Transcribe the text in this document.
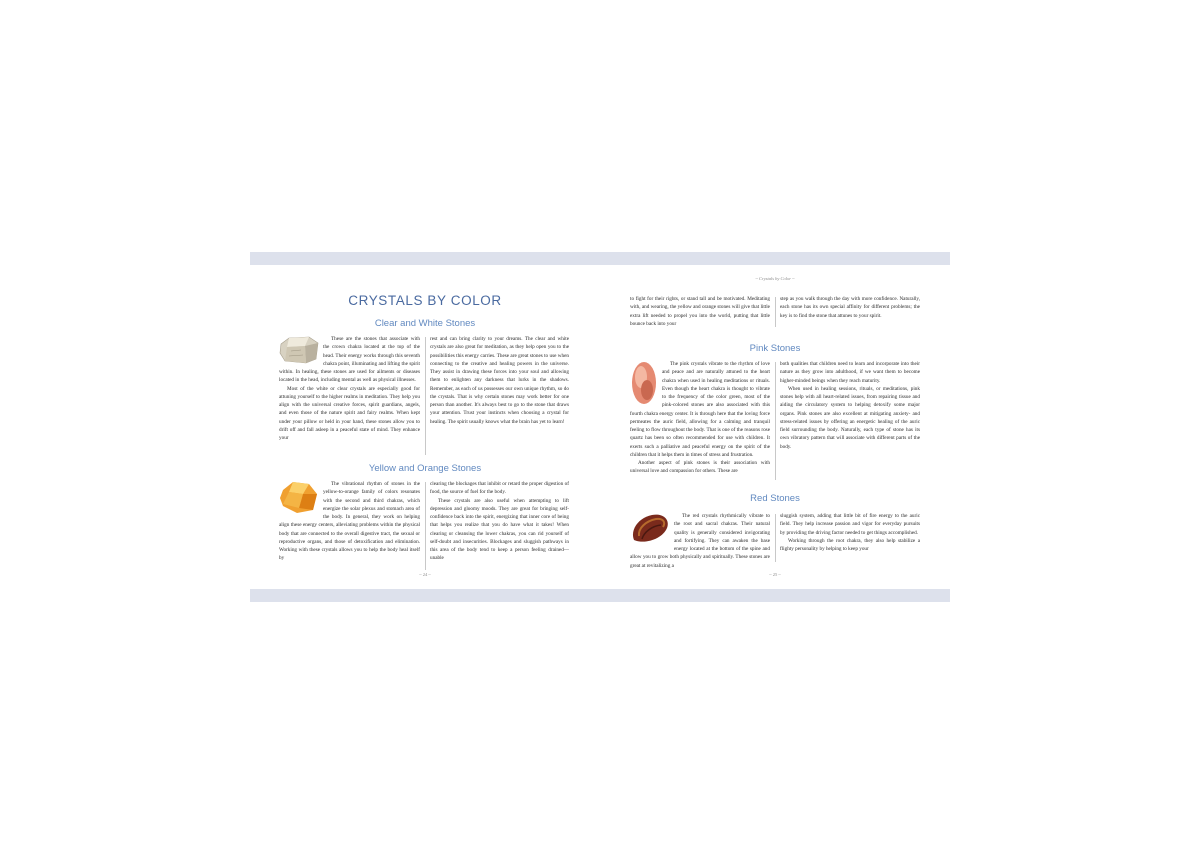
CRYSTALS BY COLOR
Clear and White Stones

These are the stones that associate with the crown chakra located at the top of the head. Their energy works through this seventh chakra point, illuminating and lifting the spirit within. In healing, these stones are used for ailments or diseases located in the head, including mental as well as physical illnesses.

Most of the white or clear crystals are especially good for attuning yourself to the higher realms in meditation. They help you align with the universal creative forces, spirit guardians, angels, and even those of the nature spirit and fairy realms. When kept under your pillow or held in your hand, these stones allow you to drift off and fall asleep in a peaceful state of mind. They enhance your

rest and can bring clarity to your dreams. The clear and white crystals are also great for meditation, as they help open you to the possibilities this energy carries. These are great stones to use when connecting to the creative and healing powers in the universe. They assist in drawing these forces into your soul and allowing them to enlighten any darkness that lurks in the shadows. Remember, as each of us possesses our own unique rhythm, so do the crystals. That is why certain stones may work better for one person than another. It's always best to go to the stone that draws your attention. Trust your instincts when choosing a crystal for healing. The spirit usually knows what the brain has yet to learn!

Yellow and Orange Stones

The vibrational rhythm of stones in the yellow-to-orange family of colors resonates with the second and third chakras, which energize the solar plexus and stomach area of the body. In general, they work on helping align these energy centers, alleviating problems within the physical body that are connected to the overall digestive tract, the sexual or reproductive organs, and those of detoxification and elimination. Working with these crystals allows you to help the body heal itself by

clearing the blockages that inhibit or retard the proper digestion of food, the source of fuel for the body.

These crystals are also useful when attempting to lift depression and gloomy moods. They are great for bringing self-confidence back into the spirit, energizing that inner core of being that helps you realize that you do have what it takes! When clearing or cleansing the lower chakras, you can rid yourself of self-doubt and insecurities. Blockages and sluggish pathways in this area of the body tend to keep a person feeling drained—unable

~ 24 ~
~ Crystals by Color ~

to fight for their rights, or stand tall and be motivated. Meditating with, and wearing, the yellow and orange stones will give that little extra lift needed to propel you into the world, putting that little bounce back into your

step as you walk through the day with more confidence. Naturally, each stone has its own special affinity for different problems; the key is to find the stone that attunes to your spirit.

Pink Stones

The pink crystals vibrate to the rhythm of love and peace and are naturally attuned to the heart chakra when used in healing meditations or rituals. Even though the heart chakra is thought to vibrate to the frequency of the color green, most of the pink-colored stones are also associated with this fourth chakra energy center. It is through here that the loving force permeates the auric field, allowing for a calming and tranquil feeling to flow throughout the body. That is one of the reasons rose quartz has been so often recommended for use with children. It exerts such a palliative and peaceful energy on the spirit of the children that it helps them in times of stress and frustration.

Another aspect of pink stones is their association with universal love and compassion for others. These are

both qualities that children need to learn and incorporate into their nature as they grow into adulthood, if we want them to become higher-minded beings when they reach maturity.

When used in healing sessions, rituals, or meditations, pink stones help with all heart-related issues, from repairing tissue and aiding the circulatory system to helping detoxify some major organs. Pink stones are also excellent at mitigating anxiety- and stress-related issues by offering an energetic healing of the auric field surrounding the body. Naturally, each type of stone has its own vibratory pattern that will associate with different parts of the body.

Red Stones

The red crystals rhythmically vibrate to the root and sacral chakras. Their natural quality is generally considered invigorating and fortifying. They can awaken the base energy located at the bottom of the spine and allow you to grow both physically and spiritually. These stones are great at revitalizing a

sluggish system, adding that little bit of fire energy to the auric field. They help increase passion and vigor for everyday pursuits by providing the driving factor needed to get things accomplished.

Working through the root chakra, they also help stabilize a flighty personality by helping to keep your

~ 25 ~
